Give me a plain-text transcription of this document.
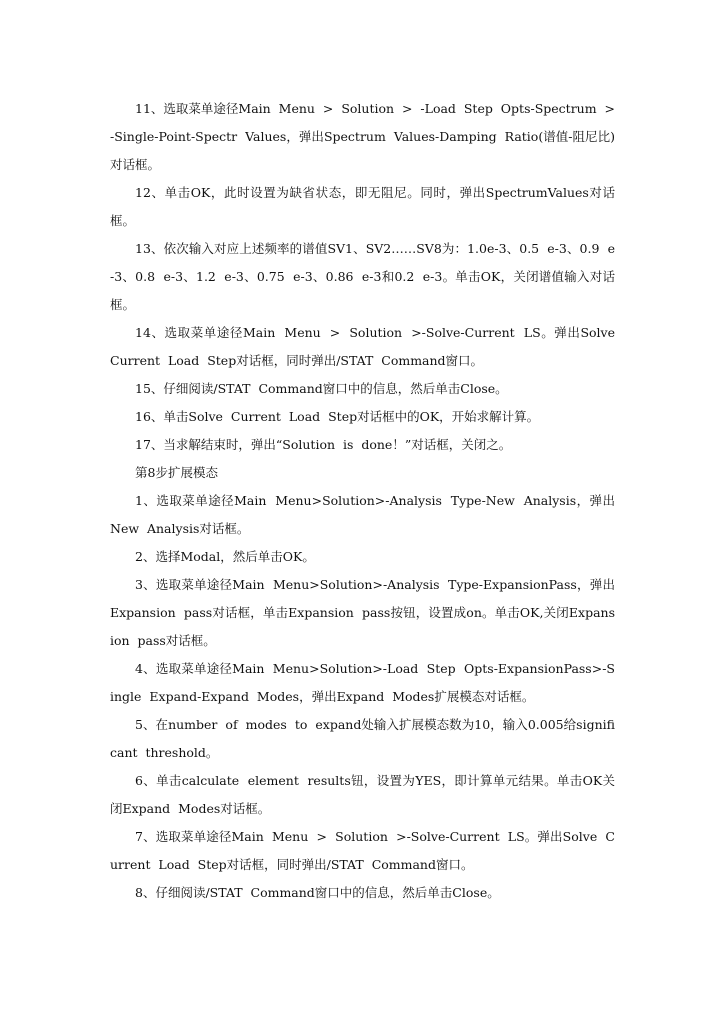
11、选取菜单途径Main  Menu  >  Solution  >  -Load  Step  Opts-Spectrum  >  -Single-Point-Spectr  Values，弹出Spectrum  Values-Damping  Ratio(谱值-阻尼比)对话框。

12、单击OK，此时设置为缺省状态，即无阻尼。同时，弹出SpectrumValues对话框。

13、依次输入对应上述频率的谱值SV1、SV2……SV8为：1.0e-3、0.5  e-3、0.9  e-3、0.8  e-3、1.2  e-3、0.75  e-3、0.86  e-3和0.2  e-3。单击OK，关闭谱值输入对话框。

14、选取菜单途径Main  Menu  >  Solution  >-Solve-Current  LS。弹出Solve  Current  Load  Step对话框，同时弹出/STAT  Command窗口。

15、仔细阅读/STAT  Command窗口中的信息，然后单击Close。

16、单击Solve  Current  Load  Step对话框中的OK，开始求解计算。

17、当求解结束时，弹出“Solution  is  done！”对话框，关闭之。

第8步扩展模态

1、选取菜单途径Main  Menu>Solution>-Analysis  Type-New  Analysis，弹出New  Analysis对话框。

2、选择Modal，然后单击OK。

3、选取菜单途径Main  Menu>Solution>-Analysis  Type-ExpansionPass，弹出Expansion  pass对话框，单击Expansion  pass按钮，设置成on。单击OK,关闭Expansion  pass对话框。

4、选取菜单途径Main  Menu>Solution>-Load  Step  Opts-ExpansionPass>-Single  Expand-Expand  Modes，弹出Expand  Modes扩展模态对话框。

5、在number  of  modes  to  expand处输入扩展模态数为10，输入0.005给significant  threshold。

6、单击calculate  element  results钮，设置为YES，即计算单元结果。单击OK关闭Expand  Modes对话框。

7、选取菜单途径Main  Menu  >  Solution  >-Solve-Current  LS。弹出Solve  Current  Load  Step对话框，同时弹出/STAT  Command窗口。

8、仔细阅读/STAT  Command窗口中的信息，然后单击Close。
